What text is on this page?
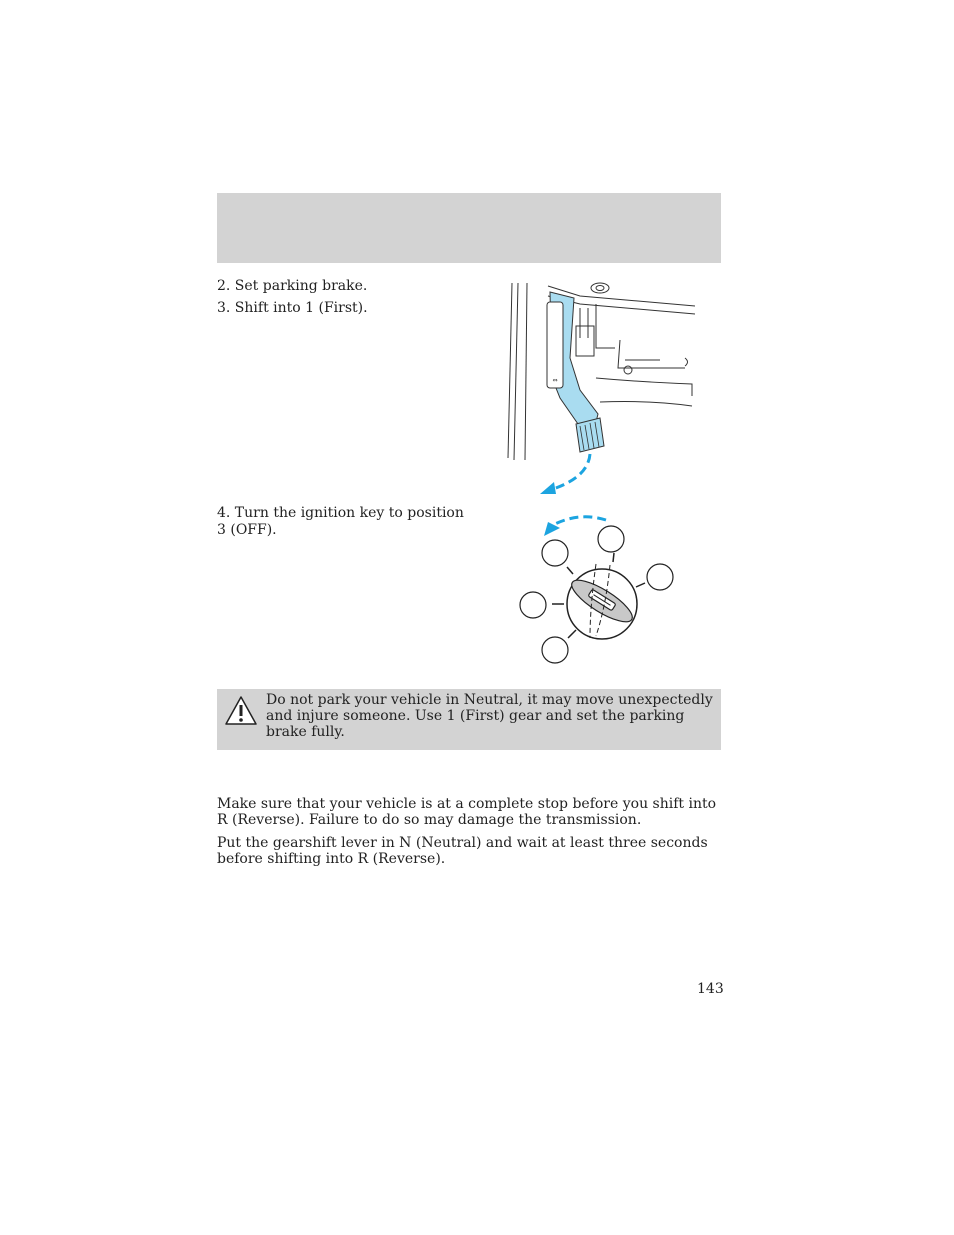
2. Set parking brake.
3. Shift into 1 (First).
⇔
4. Turn the ignition key to position 3 (OFF).
Do not park your vehicle in Neutral, it may move unexpectedly and injure someone. Use 1 (First) gear and set the parking brake fully.
Make sure that your vehicle is at a complete stop before you shift into R (Reverse). Failure to do so may damage the transmission.
Put the gearshift lever in N (Neutral) and wait at least three seconds before shifting into R (Reverse).
143
